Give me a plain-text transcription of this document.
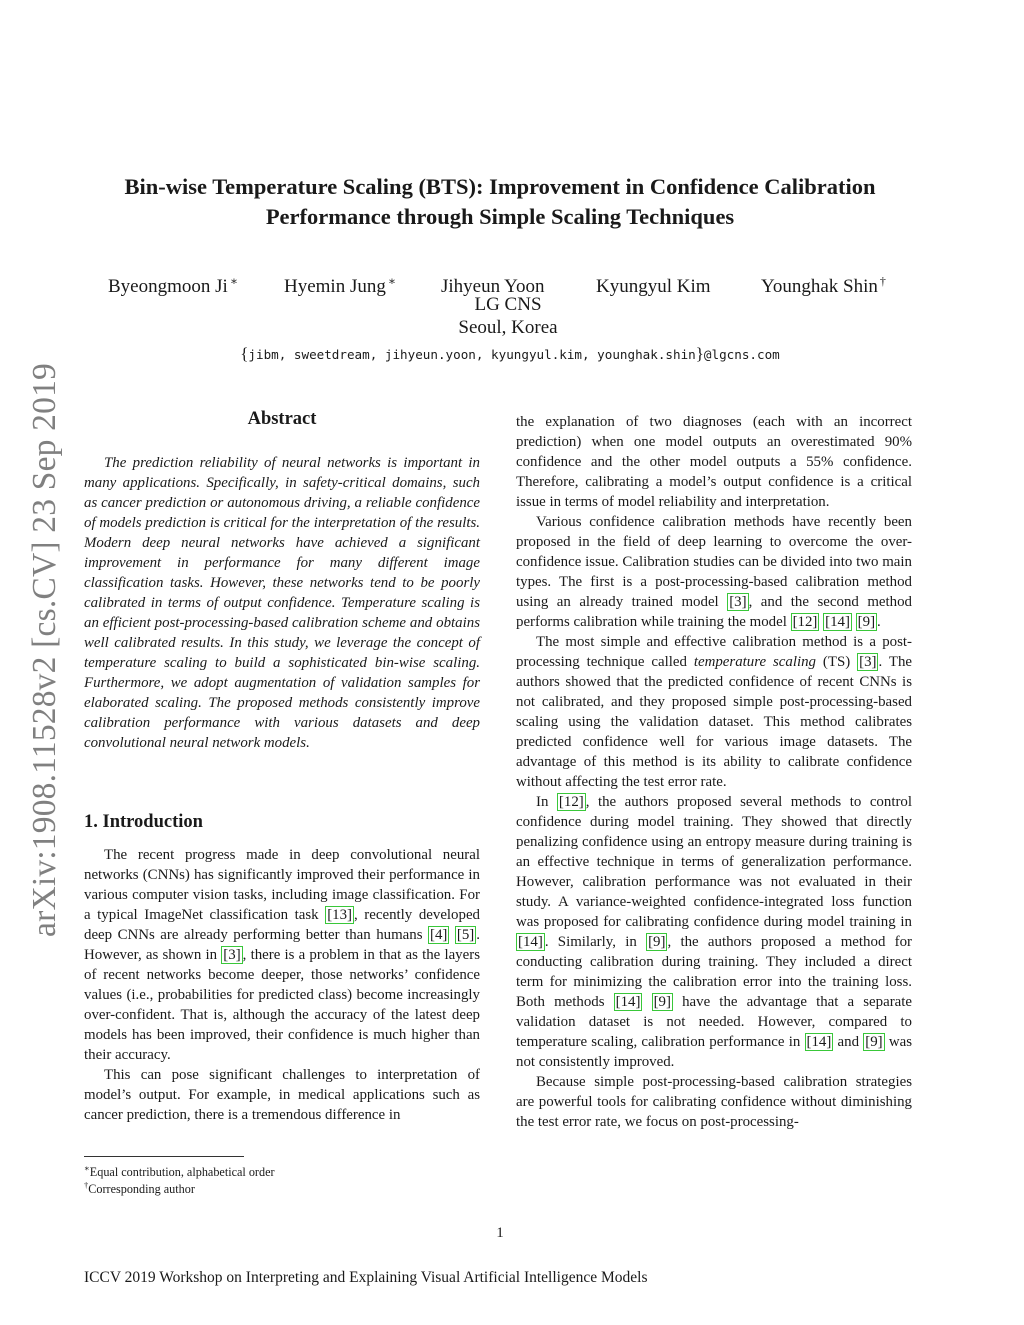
arXiv:1908.11528v2 [cs.CV] 23 Sep 2019
Bin-wise Temperature Scaling (BTS): Improvement in Confidence Calibration
Performance through Simple Scaling Techniques
Byeongmoon Ji ∗ Hyemin Jung ∗ Jihyeun Yoon	Kyungyul Kim	Younghak Shin †
LG CNS
Seoul, Korea
{jibm, sweetdream, jihyeun.yoon, kyungyul.kim, younghak.shin}@lgcns.com
Abstract

The prediction reliability of neural networks is important in many applications. Specifically, in safety-critical domains, such as cancer prediction or autonomous driving, a reliable confidence of models prediction is critical for the interpretation of the results. Modern deep neural networks have achieved a significant improvement in performance for many different image classification tasks. However, these networks tend to be poorly calibrated in terms of output confidence. Temperature scaling is an efficient post-processing-based calibration scheme and obtains well calibrated results. In this study, we leverage the concept of temperature scaling to build a sophisticated bin-wise scaling. Furthermore, we adopt augmentation of validation samples for elaborated scaling. The proposed methods consistently improve calibration performance with various datasets and deep convolutional neural network models.

1. Introduction

The recent progress made in deep convolutional neural networks (CNNs) has significantly improved their performance in various computer vision tasks, including image classification. For a typical ImageNet classification task [13] , recently developed deep CNNs are already performing better than humans [4] [5] . However, as shown in [3] , there is a problem in that as the layers of recent networks become deeper, those networks’ confidence values (i.e., probabilities for predicted class) become increasingly over-confident. That is, although the accuracy of the latest deep models has been improved, their confidence is much higher than their accuracy.

This can pose significant challenges to interpretation of model’s output. For example, in medical applications such as cancer prediction, there is a tremendous difference in

∗Equal contribution, alphabetical order
†Corresponding author

the explanation of two diagnoses (each with an incorrect prediction) when one model outputs an overestimated 90% confidence and the other model outputs a 55% confidence. Therefore, calibrating a model’s output confidence is a critical issue in terms of model reliability and interpretation.

Various confidence calibration methods have recently been proposed in the field of deep learning to overcome the over-confidence issue. Calibration studies can be divided into two main types. The first is a post-processing-based calibration method using an already trained model [3] , and the second method performs calibration while training the model [12] [14] [9] .

The most simple and effective calibration method is a post-processing technique called temperature scaling (TS) [3] . The authors showed that the predicted confidence of recent CNNs is not calibrated, and they proposed simple post-processing-based scaling using the validation dataset. This method calibrates predicted confidence well for various image datasets. The advantage of this method is its ability to calibrate confidence without affecting the test error rate.

In [12] , the authors proposed several methods to control confidence during model training. They showed that directly penalizing confidence using an entropy measure during training is an effective technique in terms of generalization performance. However, calibration performance was not evaluated in their study. A variance-weighted confidence-integrated loss function was proposed for calibrating confidence during model training in [14] . Similarly, in [9] , the authors proposed a method for conducting calibration during training. They included a direct term for minimizing the calibration error into the training loss. Both methods [14] [9] have the advantage that a separate validation dataset is not needed. However, compared to temperature scaling, calibration performance in [14] and [9] was not consistently improved.

Because simple post-processing-based calibration strategies are powerful tools for calibrating confidence without diminishing the test error rate, we focus on post-processing-

1
ICCV 2019 Workshop on Interpreting and Explaining Visual Artificial Intelligence Models
